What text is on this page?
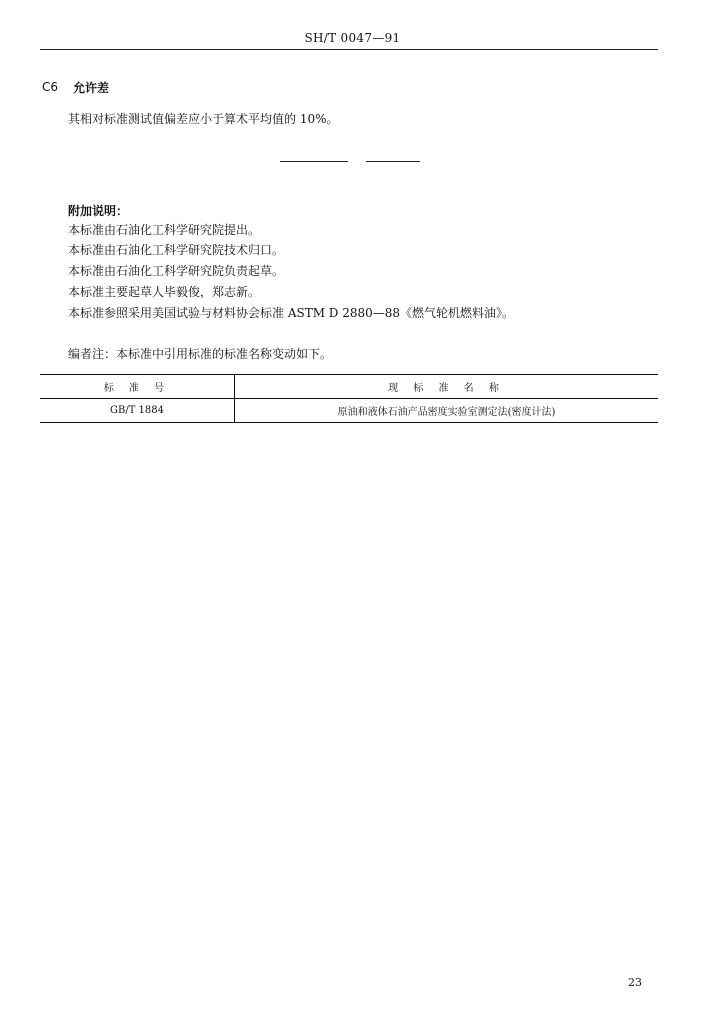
SH/T 0047—91
C6 允许差
其相对标准测试值偏差应小于算术平均值的 10%。
附加说明：
本标准由石油化工科学研究院提出。
本标准由石油化工科学研究院技术归口。
本标准由石油化工科学研究院负责起草。
本标准主要起草人毕毅俊，郑志新。
本标准参照采用美国试验与材料协会标准 ASTM D 2880—88《燃气轮机燃料油》。
编者注：本标准中引用标准的标准名称变动如下。
标 准 号	现 标 准 名 称
GB/T 1884	原油和液体石油产品密度实验室测定法(密度计法)
23
